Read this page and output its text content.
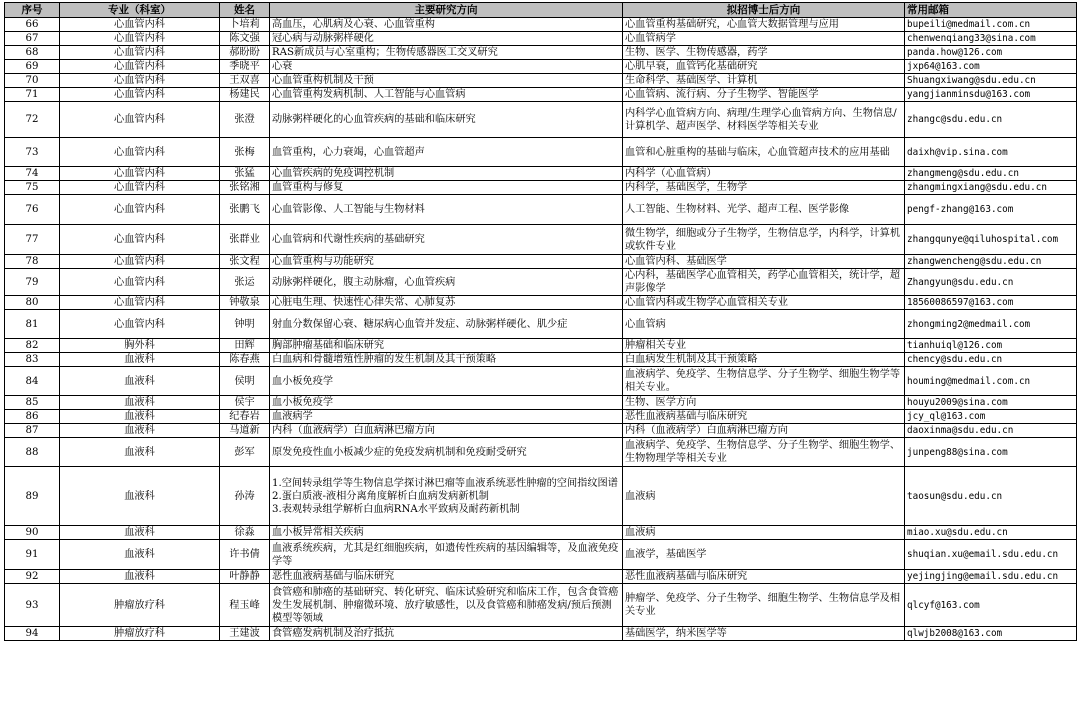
序号	专业（科室）	姓名	主要研究方向	拟招博士后方向	常用邮箱
66	心血管内科	卜培莉	高血压，心肌病及心衰、心血管重构	心血管重构基础研究，心血管大数据管理与应用	bupeili@medmail.com.cn
67	心血管内科	陈文强	冠心病与动脉粥样硬化	心血管病学	chenwenqiang33@sina.com
68	心血管内科	郝盼盼	RAS新成员与心室重构；生物传感器医工交叉研究	生物、医学、生物传感器，药学	panda.how@126.com
69	心血管内科	季晓平	心衰	心肌早衰，血管钙化基础研究	jxp64@163.com
70	心血管内科	王双喜	心血管重构机制及干预	生命科学、基础医学、计算机	Shuangxiwang@sdu.edu.cn
71	心血管内科	杨建民	心血管重构发病机制、人工智能与心血管病	心血管病、流行病、分子生物学、智能医学	yangjianminsdu@163.com
72	心血管内科	张澄	动脉粥样硬化的心血管疾病的基础和临床研究	内科学心血管病方向、病理/生理学心血管病方向、生物信息/计算机学、超声医学、材料医学等相关专业	zhangc@sdu.edu.cn
73	心血管内科	张梅	血管重构，心力衰竭，心血管超声	血管和心脏重构的基础与临床，心血管超声技术的应用基础	daixh@vip.sina.com
74	心血管内科	张猛	心血管疾病的免疫调控机制	内科学（心血管病）	zhangmeng@sdu.edu.cn
75	心血管内科	张铭湘	血管重构与修复	内科学，基础医学，生物学	zhangmingxiang@sdu.edu.cn
76	心血管内科	张鹏飞	心血管影像、人工智能与生物材料	人工智能、生物材料、光学、超声工程、医学影像	pengf-zhang@163.com
77	心血管内科	张群业	心血管病和代谢性疾病的基础研究	微生物学，细胞或分子生物学，生物信息学，内科学，计算机或软件专业	zhangqunye@qiluhospital.com
78	心血管内科	张文程	心血管重构与功能研究	心血管内科、基础医学	zhangwencheng@sdu.edu.cn
79	心血管内科	张运	动脉粥样硬化，腹主动脉瘤，心血管疾病	心内科，基础医学心血管相关，药学心血管相关，统计学，超声影像学	Zhangyun@sdu.edu.cn
80	心血管内科	钟敬泉	心脏电生理、快速性心律失常、心肺复苏	心血管内科或生物学心血管相关专业	18560086597@163.com
81	心血管内科	钟明	射血分数保留心衰、糖尿病心血管并发症、动脉粥样硬化、肌少症	心血管病	zhongming2@medmail.com
82	胸外科	田辉	胸部肿瘤基础和临床研究	肿瘤相关专业	tianhuiql@126.com
83	血液科	陈春燕	白血病和骨髓增殖性肿瘤的发生机制及其干预策略	白血病发生机制及其干预策略	chency@sdu.edu.cn
84	血液科	侯明	血小板免疫学	血液病学、免疫学、生物信息学、分子生物学、细胞生物学等相关专业。	houming@medmail.com.cn
85	血液科	侯宇	血小板免疫学	生物、医学方向	houyu2009@sina.com
86	血液科	纪春岩	血液病学	恶性血液病基础与临床研究	jcy_ql@163.com
87	血液科	马道新	内科（血液病学）白血病淋巴瘤方向	内科（血液病学）白血病淋巴瘤方向	daoxinma@sdu.edu.cn
88	血液科	彭军	原发免疫性血小板减少症的免疫发病机制和免疫耐受研究	血液病学、免疫学、生物信息学、分子生物学、细胞生物学、生物物理学等相关专业	junpeng88@sina.com
89	血液科	孙涛	1.空间转录组学等生物信息学探讨淋巴瘤等血液系统恶性肿瘤的空间指纹图谱
2.蛋白质液-液相分离角度解析白血病发病新机制
3.表观转录组学解析白血病RNA水平致病及耐药新机制	血液病	taosun@sdu.edu.cn
90	血液科	徐淼	血小板异常相关疾病	血液病	miao.xu@sdu.edu.cn
91	血液科	许书倩	血液系统疾病，尤其是红细胞疾病，如遗传性疾病的基因编辑等，及血液免疫学等	血液学，基础医学	shuqian.xu@email.sdu.edu.cn
92	血液科	叶静静	恶性血液病基础与临床研究	恶性血液病基础与临床研究	yejingjing@email.sdu.edu.cn
93	肿瘤放疗科	程玉峰	食管癌和肺癌的基础研究、转化研究、临床试验研究和临床工作，包含食管癌发生发展机制、肿瘤微环境、放疗敏感性，以及食管癌和肺癌发病/预后预测模型等领域	肿瘤学、免疫学、分子生物学、细胞生物学、生物信息学及相关专业	qlcyf@163.com
94	肿瘤放疗科	王建波	食管癌发病机制及治疗抵抗	基础医学，纳米医学等	qlwjb2008@163.com
